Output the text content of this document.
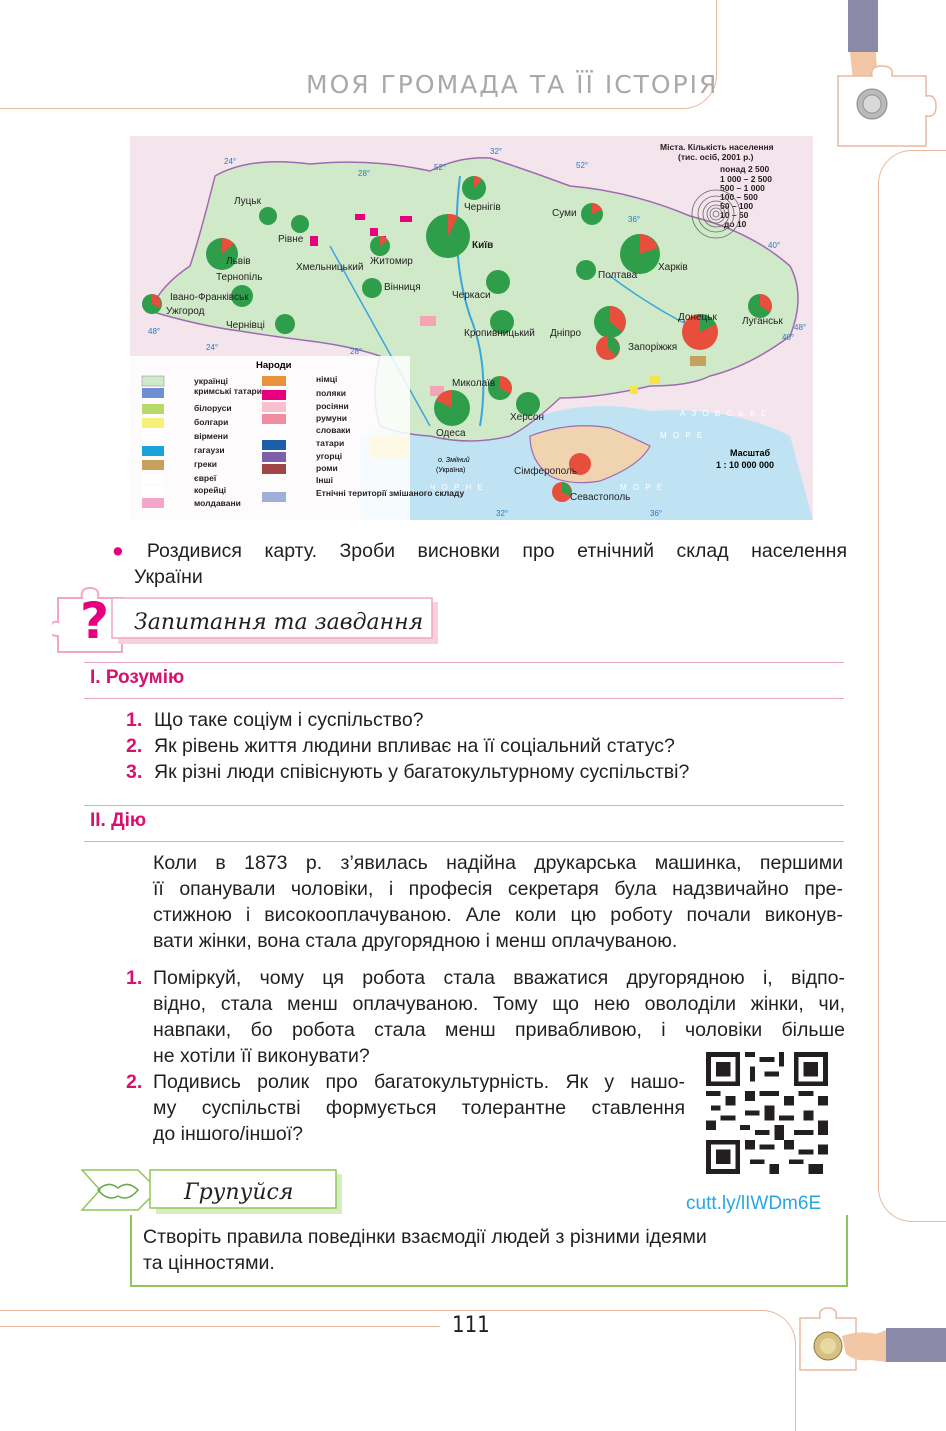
МОЯ ГРОМАДА ТА ЇЇ ІСТОРІЯ
Луцьк
Рівне
Житомир
Київ
Чернігів
Суми
Харків
Полтава
Луганськ
Донецьк
Запоріжжя
Дніпро
Кропивницький
Черкаси
Вінниця
Хмельницький
Тернопіль
Львів
Івано-Франківськ
Ужгород
Чернівці
Миколаїв
Херсон
Одеса
Сімферополь
Севастополь
А З О В С Ь К Е
М О Р Е
Ч О Р Н Е	М О Р Е
о. Зміїний
(Україна)
Масштаб
1 : 10 000 000
24°
28°
32°
52°	52°
36°
40°
48°
48°
24°	28°
32°	36°
40°
Міста. Кількість населення
(тис. осіб, 2001 р.)
понад 2 500
1 000 – 2 500
500 – 1 000
100 – 500
50 – 100
10 – 50
до 10
Народи
українці
кримські татари
білоруси
болгари
вірмени
гагаузи
греки
євреї
корейці
молдавани
німці
поляки
росіяни
румуни
словаки
татари
угорці
роми
Інші
Етнічні території змішаного складу
● Роздивися карту. Зроби висновки про етнічний склад населення
України
? Запитання та завдання
І. Розумію
1. Що таке соціум і суспільство?
2. Як рівень життя людини впливає на її соціальний статус?
3. Як різні люди співіснують у багатокультурному суспільстві?
ІІ. Дію
Коли в 1873 р. з’явилась надійна друкарська машинка, першими
її опанували чоловіки, і професія секретаря була надзвичайно пре-
стижною і високооплачуваною. Але коли цю роботу почали виконув-
вати жінки, вона стала другорядною і менш оплачуваною.
1. Поміркуй, чому ця робота стала вважатися другорядною і, відпо-
відно, стала менш оплачуваною. Тому що нею оволоділи жінки, чи,
навпаки, бо робота стала менш привабливою, і чоловіки більше
не хотіли її виконувати?
2. Подивись ролик про багатокультурність. Як у нашо-
му суспільстві формується толерантне ставлення
до іншого/іншої?
cutt.ly/lIWDm6E
Групуйся
Створіть правила поведінки взаємодії людей з різними ідеями
та цінностями.
111
